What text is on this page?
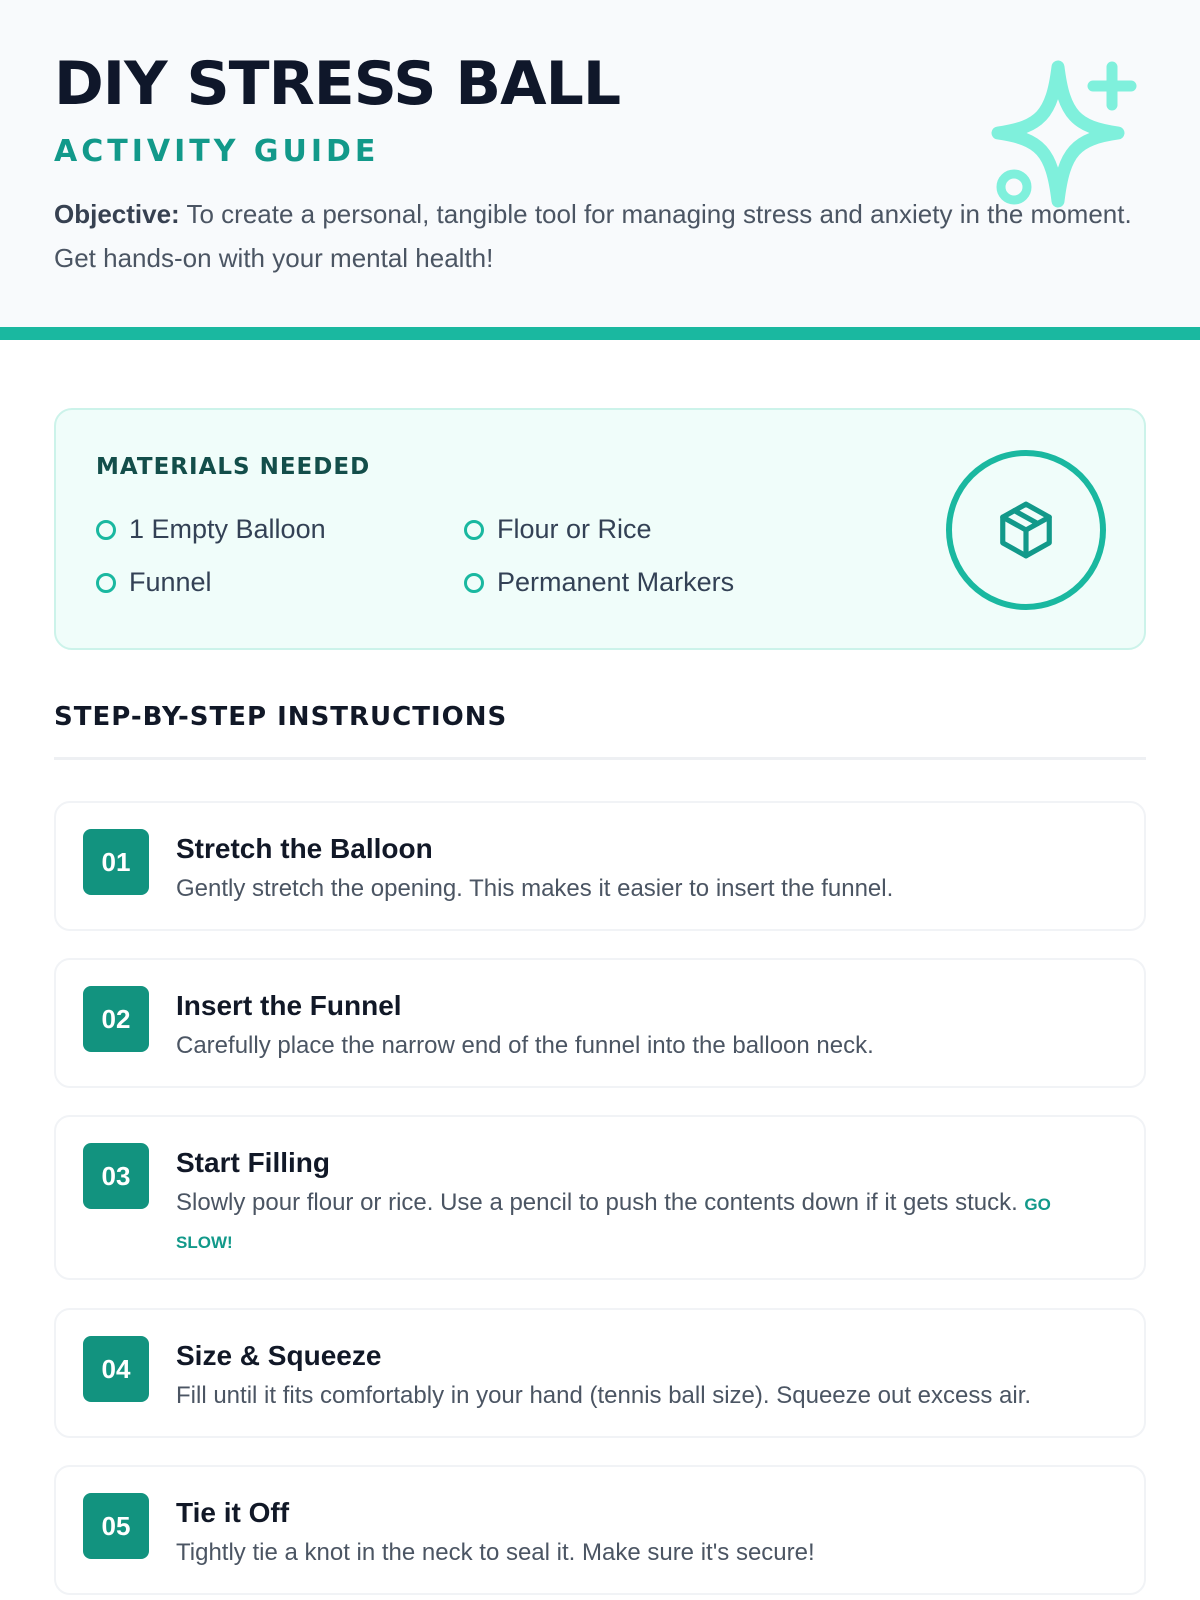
DIY STRESS BALL
ACTIVITY GUIDE
Objective: To create a personal, tangible tool for managing stress and anxiety in the moment. Get hands-on with your mental health!
MATERIALS NEEDED
1 Empty Balloon	Flour or Rice
Funnel	Permanent Markers
STEP-BY-STEP INSTRUCTIONS
01	Stretch the Balloon
Gently stretch the opening. This makes it easier to insert the funnel.
02	Insert the Funnel
Carefully place the narrow end of the funnel into the balloon neck.
03	Start Filling
Slowly pour flour or rice. Use a pencil to push the contents down if it gets stuck. GO SLOW!
04	Size & Squeeze
Fill until it fits comfortably in your hand (tennis ball size). Squeeze out excess air.
05	Tie it Off
Tightly tie a knot in the neck to seal it. Make sure it's secure!
